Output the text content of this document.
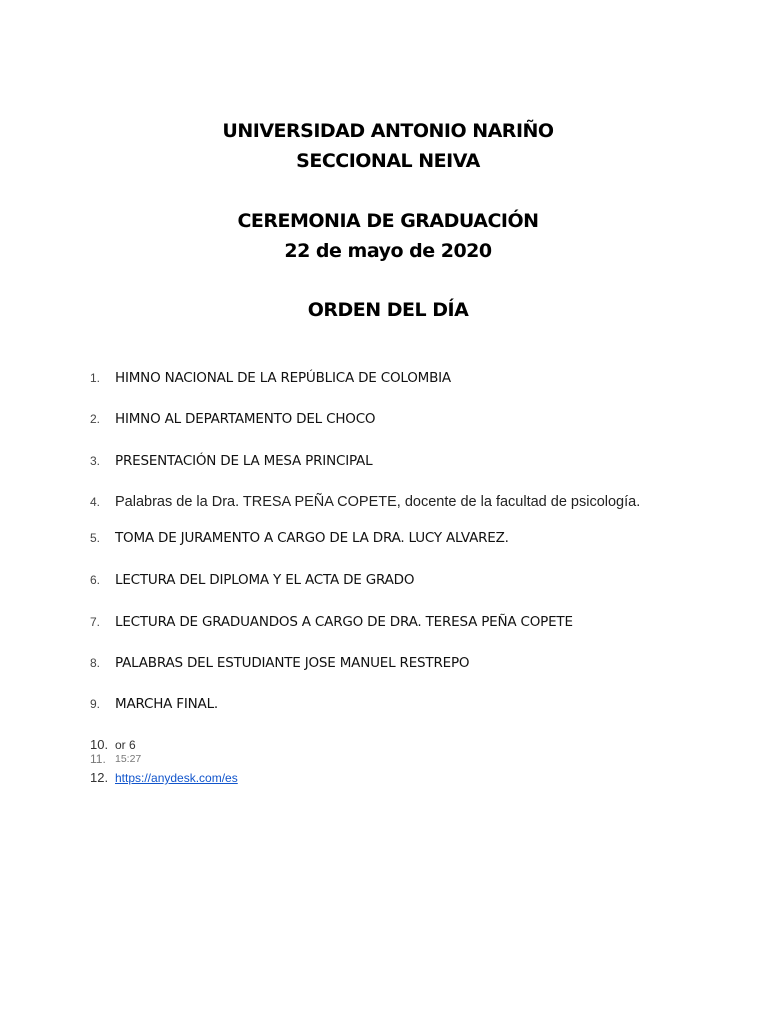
UNIVERSIDAD ANTONIO NARIÑO
SECCIONAL NEIVA
CEREMONIA DE GRADUACIÓN
22 de mayo de 2020
ORDEN DEL DÍA
1. HIMNO NACIONAL DE LA REPÚBLICA DE COLOMBIA
2. HIMNO AL DEPARTAMENTO DEL CHOCO
3. PRESENTACIÓN DE LA MESA PRINCIPAL
4. Palabras de la Dra. TRESA PEÑA COPETE, docente de la facultad de psicología.
5. TOMA DE JURAMENTO A CARGO DE LA DRA. LUCY ALVAREZ.
6. LECTURA DEL DIPLOMA Y EL ACTA DE GRADO
7. LECTURA DE GRADUANDOS A CARGO DE DRA. TERESA PEÑA COPETE
8. PALABRAS DEL ESTUDIANTE JOSE MANUEL RESTREPO
9. MARCHA FINAL.
10. or 6
11. 15:27
12. https://anydesk.com/es
